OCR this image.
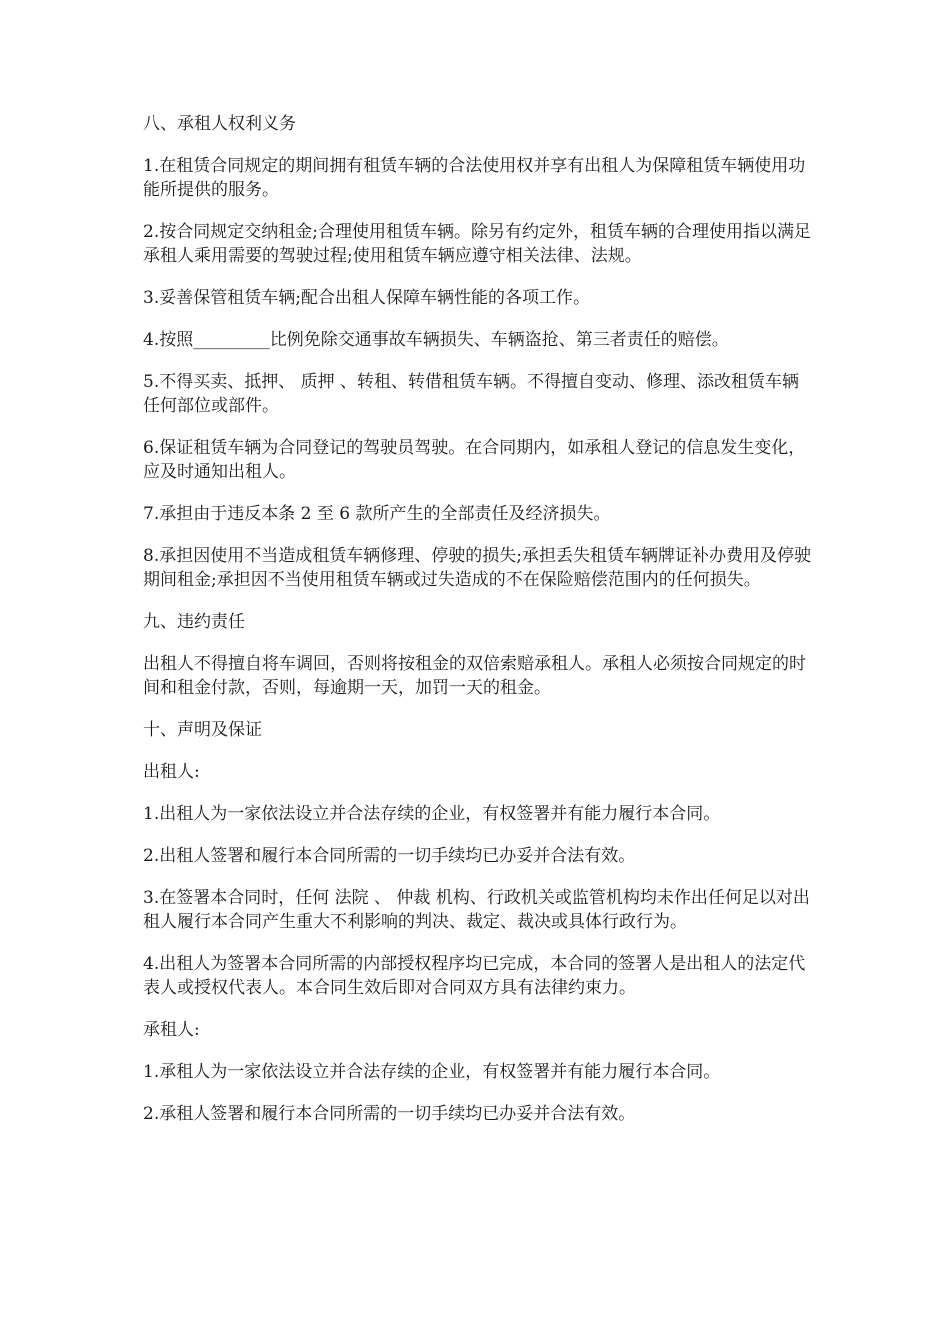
八、承租人权利义务

1.在租赁合同规定的期间拥有租赁车辆的合法使用权并享有出租人为保障租赁车辆使用功能所提供的服务。

2.按合同规定交纳租金;合理使用租赁车辆。除另有约定外，租赁车辆的合理使用指以满足承租人乘用需要的驾驶过程;使用租赁车辆应遵守相关法律、法规。

3.妥善保管租赁车辆;配合出租人保障车辆性能的各项工作。

4.按照_________比例免除交通事故车辆损失、车辆盗抢、第三者责任的赔偿。

5.不得买卖、抵押、 质押 、转租、转借租赁车辆。不得擅自变动、修理、添改租赁车辆任何部位或部件。

6.保证租赁车辆为合同登记的驾驶员驾驶。在合同期内，如承租人登记的信息发生变化，应及时通知出租人。

7.承担由于违反本条 2 至 6 款所产生的全部责任及经济损失。

8.承担因使用不当造成租赁车辆修理、停驶的损失;承担丢失租赁车辆牌证补办费用及停驶期间租金;承担因不当使用租赁车辆或过失造成的不在保险赔偿范围内的任何损失。

九、违约责任

出租人不得擅自将车调回，否则将按租金的双倍索赔承租人。承租人必须按合同规定的时间和租金付款，否则，每逾期一天，加罚一天的租金。

十、声明及保证

出租人:

1.出租人为一家依法设立并合法存续的企业，有权签署并有能力履行本合同。

2.出租人签署和履行本合同所需的一切手续均已办妥并合法有效。

3.在签署本合同时，任何 法院 、 仲裁 机构、行政机关或监管机构均未作出任何足以对出租人履行本合同产生重大不利影响的判决、裁定、裁决或具体行政行为。

4.出租人为签署本合同所需的内部授权程序均已完成，本合同的签署人是出租人的法定代表人或授权代表人。本合同生效后即对合同双方具有法律约束力。

承租人:

1.承租人为一家依法设立并合法存续的企业，有权签署并有能力履行本合同。

2.承租人签署和履行本合同所需的一切手续均已办妥并合法有效。
